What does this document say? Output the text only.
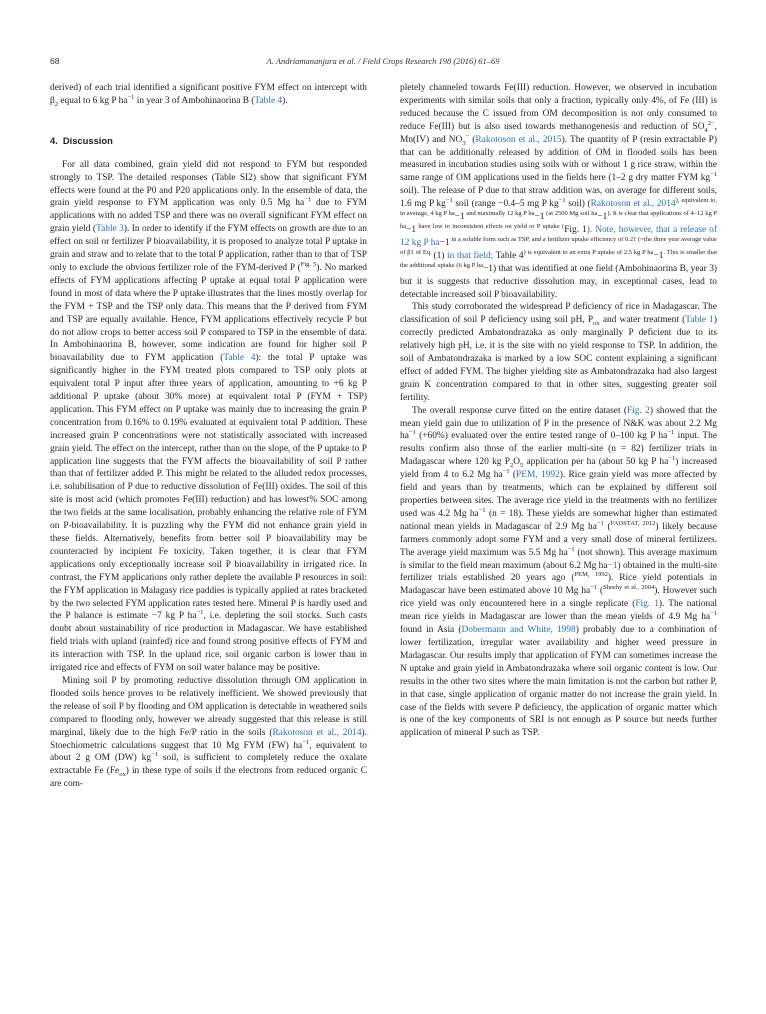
68	A. Andriamananjara et al. / Field Crops Research 198 (2016) 61–69

derived) of each trial identified a significant positive FYM effect on intercept with $\beta_2$ equal to 6 kg P $ha^{-1}$ in year 3 of Ambohinaorina B (Table 4).

4. Discussion

For all data combined, grain yield did not respond to FYM but responded strongly to TSP. The detailed responses (Table SI2) show that significant FYM effects were found at the P0 and P20 applications only. In the ensemble of data, the grain yield response to FYM application was only 0.5 Mg $ha^{-1}$ due to FYM applications with no added TSP and there was no overall significant FYM effect on grain yield (Table 3). In order to identify if the FYM effects on growth are due to an effect on soil or fertilizer P bioavailability, it is proposed to analyze total P uptake in grain and straw and to relate that to the total P application, rather than to that of TSP only to exclude the obvious fertilizer role of the FYM-derived P ($^{Fig. 5}$). No marked effects of FYM applications affecting P uptake at equal total P application were found in most of data where the P uptake illustrates that the lines mostly overlap for the FYM + TSP and the TSP only data. This means that the P derived from FYM and TSP are equally available. Hence, FYM applications effectively recycle P but do not allow crops to better access soil P compared to TSP in the ensemble of data. In Ambohinaorina B, however, some indication are found for higher soil P bioavailability due to FYM application (Table 4): the total P uptake was significantly higher in the FYM treated plots compared to TSP only plots at equivalent total P input after three years of application, amounting to +6 kg P additional P uptake (about 30% more) at equivalent total P (FYM + TSP) application. This FYM effect on P uptake was mainly due to increasing the grain P concentration from 0.16% to 0.19% evaluated at equivalent total P addition. These increased grain P concentrations were not statistically associated with increased grain yield. The effect on the intercept, rather than on the slope, of the P uptake to P application line suggests that the FYM affects the bioavailability of soil P rather than that of fertilizer added P. This might be related to the alluded redox processes, i.e. solubilisation of P due to reductive dissolution of Fe(III) oxides. The soil of this site is most acid (which promotes Fe(III) reduction) and has lowest% SOC among the two fields at the same localisation, probably enhancing the relative role of FYM on P-bioavailability. It is puzzling why the FYM did not enhance grain yield in these fields. Alternatively, benefits from better soil P bioavailability may be counteracted by incipient Fe toxicity. Taken together, it is clear that FYM applications only exceptionally increase soil P bioavailability in irrigated rice. In contrast, the FYM applications only rather deplete the available P resources in soil: the FYM application in Malagasy rice paddies is typically applied at rates bracketed by the two selected FYM application rates tested here. Mineral P is hardly used and the P balance is estimate −7 kg P $ha^{-1}$, i.e. depleting the soil stocks. Such casts doubt about sustainability of rice production in Madagascar. We have established field trials with upland (rainfed) rice and found strong positive effects of FYM and its interaction with TSP. In the upland rice, soil organic carbon is lower than in irrigated rice and effects of FYM on soil water balance may be positive.

Mining soil P by promoting reductive dissolution through OM application in flooded soils hence proves to be relatively inefficient. We showed previously that the release of soil P by flooding and OM application is detectable in weathered soils compared to flooding only, however we already suggested that this release is still marginal, likely due to the high Fe/P ratio in the soils (Rakotoson et al., 2014). Stoechiometric calculations suggest that 10 Mg FYM (FW) $ha^{-1}$, equivalent to about 2 g OM (DW) $kg^{-1}$ soil, is sufficient to completely reduce the oxalate extractable Fe $(Fe_{ox})$ in these type of soils if the electrons from reduced organic C are com-

pletely channeled towards Fe(III) reduction. However, we observed in incubation experiments with similar soils that only a fraction, typically only 4%, of Fe (III) is reduced because the C issued from OM decomposition is not only consumed to reduce Fe(III) but is also used towards methanogenesis and reduction of $SO_4^{2-}$, Mn(IV) and $NO_3^-$ (Rakotoson et al., 2015). The quantity of P (resin extractable P) that can be additionally released by addition of OM in flooded soils has been measured in incubation studies using soils with or without 1 g rice straw, within the same range of OM applications used in the fields here (1–2 g dry matter FYM $kg^{-1}$ soil). The release of P due to that straw addition was, on average for different soils, 1.6 mg P $kg^{-1}$ soil (range −0.4–5 mg P $kg^{-1}$ soil) (Rakotoson et al., $2014^{), equivalent to, in average, 4 kg P ha}-1$ $^{and maximally 12 kg P ha}$−1 $^{(at 2500 Mg soil ha}-1^{). It is clear that applications of 4-12 kg P ha}-1$ $^{have low to inconsistent effects on yield or P uptake (}$Fig. 1). Note, however, that a release of 12 kg P ha−1 $^{in a soluble form such as TSP, and a fertilizer uptake efficiency of 0.21 (=the three year average value of \beta 1 of Eq.}$ (1) in that field; Table $4^{) is equivalent to an extra P uptake of 2.5 kg P ha}-1^{. This is smaller that the additional uptake (6 kg P ha}-1$) that was identified at one field (Ambohinaorina B, year 3) but it is suggests that reductive dissolution may, in exceptional cases, lead to detectable increased soil P bioavailability.

This study corroborated the widespread P deficiency of rice in Madagascar. The classification of soil P deficiency using soil pH, $P_{ox}$ and water treatment (Table 1) correctly predicted Ambatondrazaka as only marginally P deficient due to its relatively high pH, i.e. it is the site with no yield response to TSP. In addition, the soil of Ambatondrazaka is marked by a low SOC content explaining a significant effect of added FYM. The higher yielding site as Ambatondrazaka had also largest grain K concentration compared to that in other sites, suggesting greater soil fertility.

The overall response curve fitted on the entire dataset (Fig. 2) showed that the mean yield gain due to utilization of P in the presence of N&K was about 2.2 Mg $ha^{-1}$ (+60%) evaluated over the entire tested range of 0–100 kg P $ha^{-1}$ input. The results confirm also those of the earlier multi-site (n = 82) fertilizer trials in Madagascar where 120 kg $P_2O_5$ application per ha (about 50 kg P $ha^{-1}$) increased yield from 4 to 6.2 Mg $ha^{-1}$ (PEM, 1992). Rice grain yield was more affected by field and years than by treatments, which can be explained by different soil properties between sites. The average rice yield in the treatments with no fertilizer used was 4.2 Mg $ha^{-1}$ (n = 18). These yields are somewhat higher than estimated national mean yields in Madagascar of 2.9 Mg $ha^{-1}$ ($^{FAOSTAT, 2012}$) likely because farmers commonly adopt some FYM and a very small dose of mineral fertilizers. The average yield maximum was 5.5 Mg $ha^{-1}$ (not shown). This average maximum is similar to the field mean maximum (about 6.2 Mg ha−1) obtained in the multi-site fertilizer trials established 20 years ago ($^{PEM, 1992}$). Rice yield potentials in Madagascar have been estimated above 10 Mg $ha^{-1}$ ($^{Sheehy et al., 2004}$). However such rice yield was only encountered here in a single replicate (Fig. 1). The national mean rice yields in Madagascar are lower than the mean yields of 4.9 Mg $ha^{-1}$ found in Asia (Dobermann and White, 1998) probably due to a combination of lower fertilization, irregular water availability and higher weed pressure in Madagascar. Our results imply that application of FYM can sometimes increase the N uptake and grain yield in Ambatondrazaka where soil organic content is low. Our results in the other two sites where the main limitation is not the carbon but rather P, in that case, single application of organic matter do not increase the grain yield. In case of the fields with severe P deficiency, the application of organic matter which is one of the key components of SRI is not enough as P source but needs further application of mineral P such as TSP.
